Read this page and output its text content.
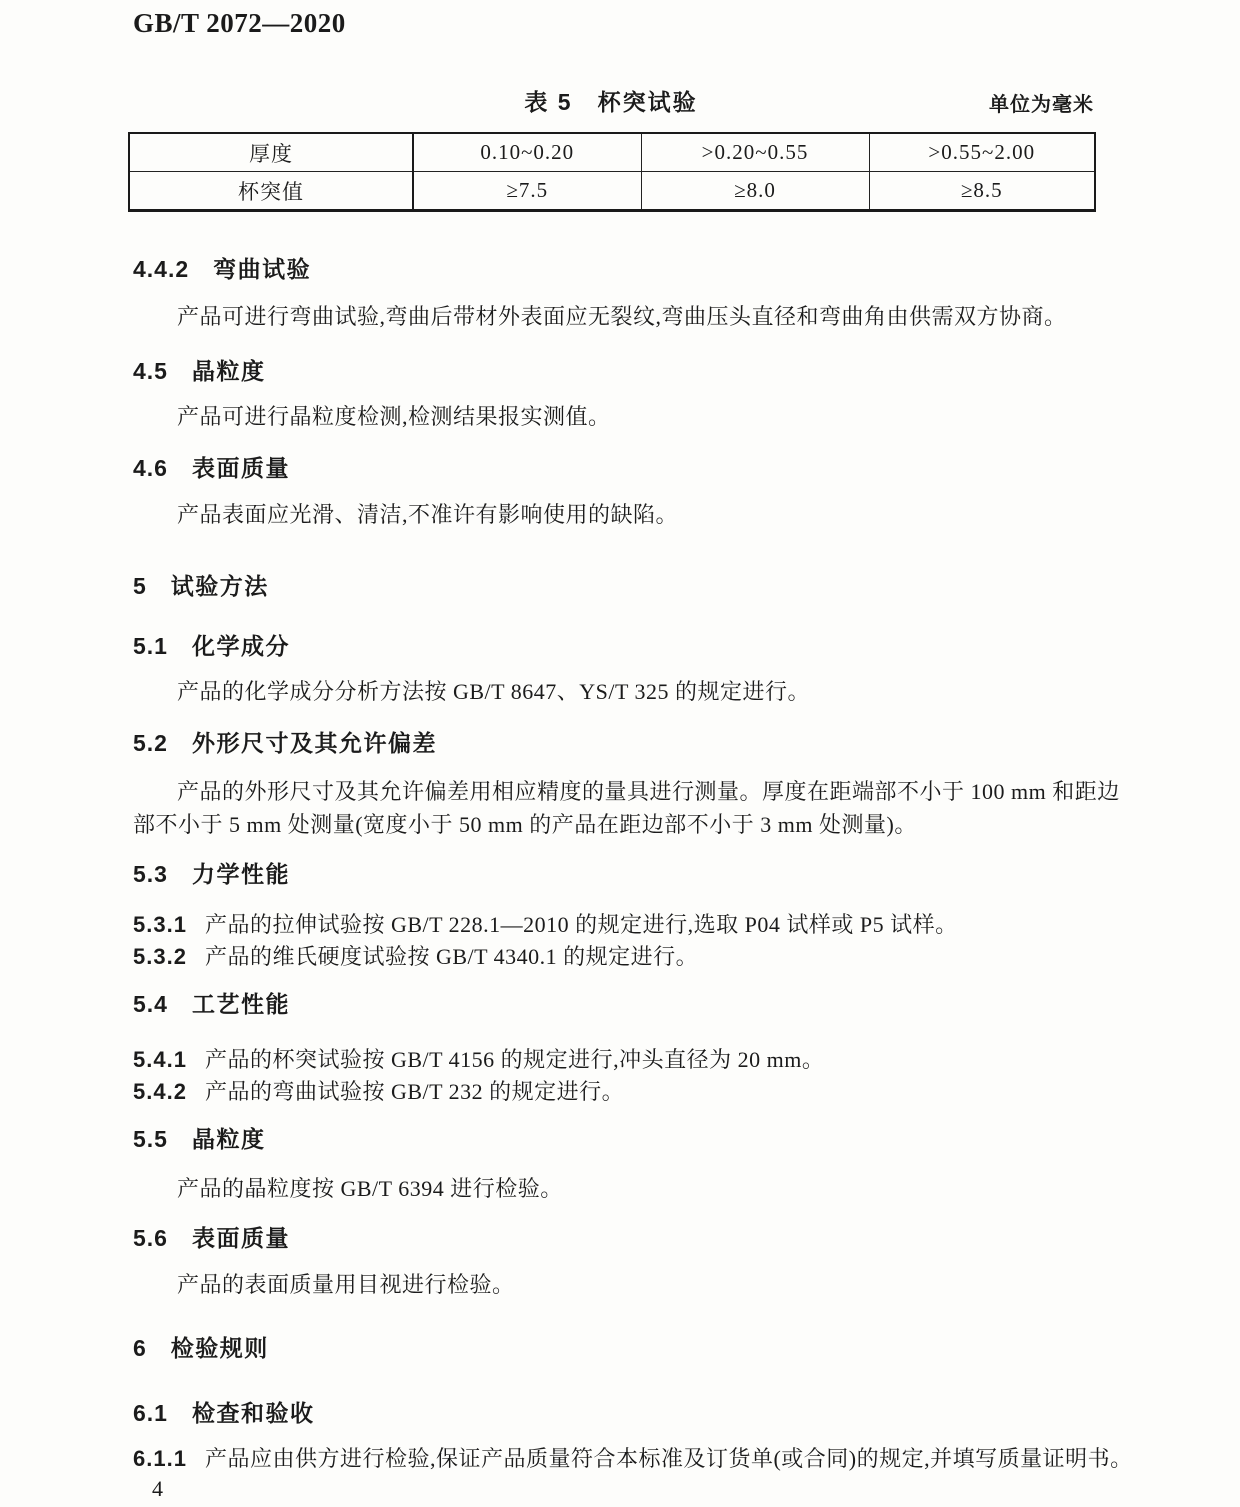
GB/T 2072—2020
表 5　杯突试验	单位为毫米
厚度	0.10~0.20	>0.20~0.55	>0.55~2.00
杯突值	≥7.5	≥8.0	≥8.5
4.4.2 弯曲试验
产品可进行弯曲试验,弯曲后带材外表面应无裂纹,弯曲压头直径和弯曲角由供需双方协商。
4.5 晶粒度
产品可进行晶粒度检测,检测结果报实测值。
4.6 表面质量
产品表面应光滑、清洁,不准许有影响使用的缺陷。
5 试验方法
5.1 化学成分
产品的化学成分分析方法按 GB/T 8647、YS/T 325 的规定进行。
5.2 外形尺寸及其允许偏差
产品的外形尺寸及其允许偏差用相应精度的量具进行测量。厚度在距端部不小于 100 mm 和距边部不小于 5 mm 处测量(宽度小于 50 mm 的产品在距边部不小于 3 mm 处测量)。
5.3 力学性能
5.3.1 产品的拉伸试验按 GB/T 228.1—2010 的规定进行,选取 P04 试样或 P5 试样。
5.3.2 产品的维氏硬度试验按 GB/T 4340.1 的规定进行。
5.4 工艺性能
5.4.1 产品的杯突试验按 GB/T 4156 的规定进行,冲头直径为 20 mm。
5.4.2 产品的弯曲试验按 GB/T 232 的规定进行。
5.5 晶粒度
产品的晶粒度按 GB/T 6394 进行检验。
5.6 表面质量
产品的表面质量用目视进行检验。
6 检验规则
6.1 检查和验收
6.1.1 产品应由供方进行检验,保证产品质量符合本标准及订货单(或合同)的规定,并填写质量证明书。
4
